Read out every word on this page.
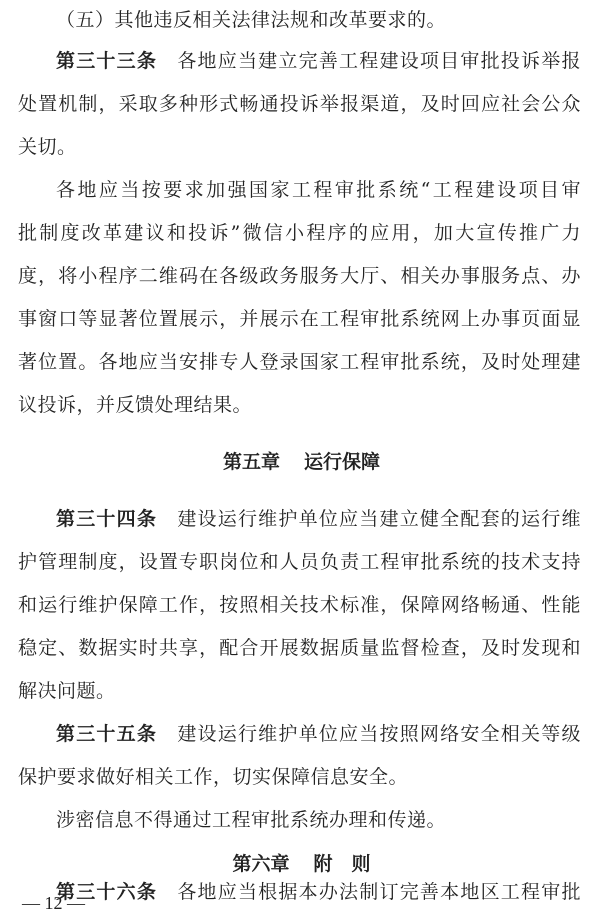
（五）其他违反相关法律法规和改革要求的。
第三十三条　 各地应当建立完善工程建设项目审批投诉举报
处置机制，采取多种形式畅通投诉举报渠道，及时回应社会公众
关切。
各地应当按要求加强国家工程审批系统“工程建设项目审
批制度改革建议和投诉”微信小程序的应用，加大宣传推广力
度，将小程序二维码在各级政务服务大厅、相关办事服务点、办
事窗口等显著位置展示，并展示在工程审批系统网上办事页面显
著位置。各地应当安排专人登录国家工程审批系统，及时处理建
议投诉，并反馈处理结果。
第五章 运行保障
第三十四条　 建设运行维护单位应当建立健全配套的运行维
护管理制度，设置专职岗位和人员负责工程审批系统的技术支持
和运行维护保障工作，按照相关技术标准，保障网络畅通、性能
稳定、数据实时共享，配合开展数据质量监督检查，及时发现和
解决问题。
第三十五条　 建设运行维护单位应当按照网络安全相关等级
保护要求做好相关工作，切实保障信息安全。
涉密信息不得通过工程审批系统办理和传递。
第六章 附　则
第三十六条　 各地应当根据本办法制订完善本地区工程审批
— 12 —
